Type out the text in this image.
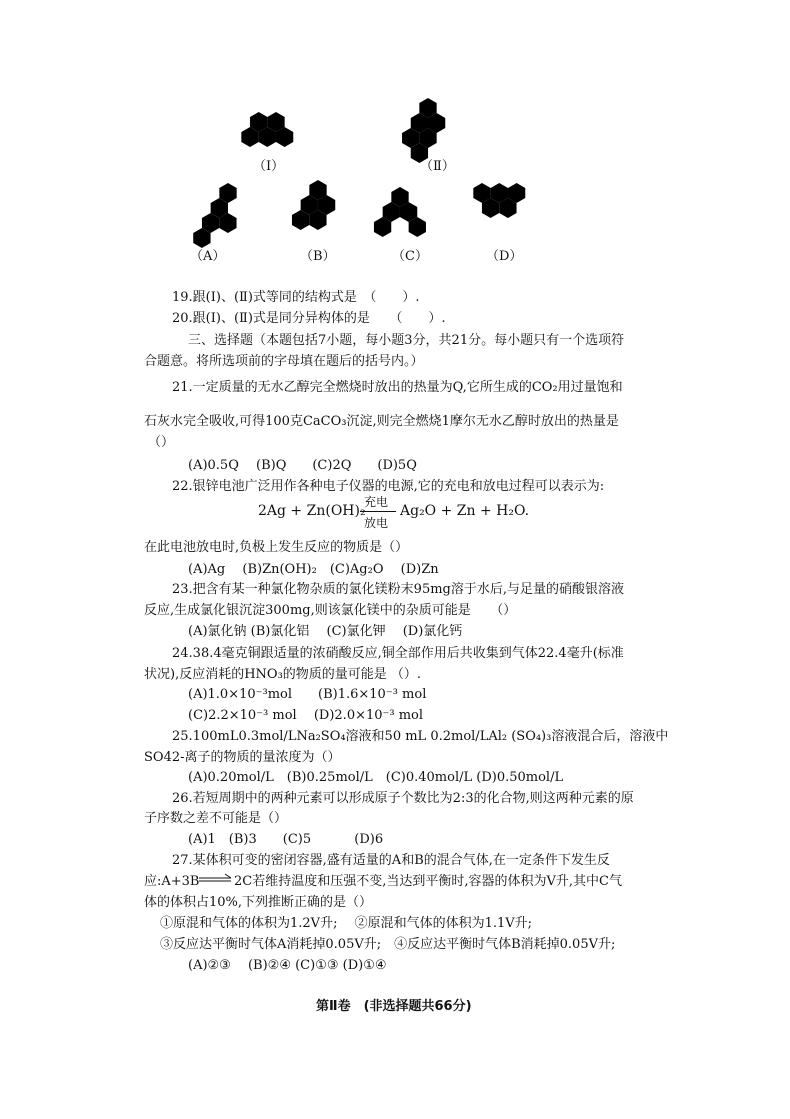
（Ⅰ）	（Ⅱ）
（A）	（B）	（C）	（D）
19.跟(Ⅰ)、(Ⅱ)式等同的结构式是　（　　）.
20.跟(Ⅰ)、(Ⅱ)式是同分异构体的是　　（　　）.
三、选择题（本题包括7小题，每小题3分，共21分。每小题只有一个选项符
合题意。将所选项前的字母填在题后的括号内。）
21.一定质量的无水乙醇完全燃烧时放出的热量为Q,它所生成的CO₂用过量饱和
石灰水完全吸收,可得100克CaCO₃沉淀,则完全燃烧1摩尔无水乙醇时放出的热量是
（）
(A)0.5Q　 (B)Q　　(C)2Q　　(D)5Q
22.银锌电池广泛用作各种电子仪器的电源,它的充电和放电过程可以表示为:
2Ag + Zn(OH)₂
充电
放电
Ag₂O + Zn + H₂O.
在此电池放电时,负极上发生反应的物质是（）
(A)Ag　 (B)Zn(OH)₂　(C)Ag₂O　 (D)Zn
23.把含有某一种氯化物杂质的氯化镁粉末95mg溶于水后,与足量的硝酸银溶液
反应,生成氯化银沉淀300mg,则该氯化镁中的杂质可能是　　（）
(A)氯化钠 (B)氯化铝　 (C)氯化钾　 (D)氯化钙
24.38.4毫克铜跟适量的浓硝酸反应,铜全部作用后共收集到气体22.4毫升(标准
状况),反应消耗的HNO₃的物质的量可能是 （）.
(A)1.0×10⁻³mol　　(B)1.6×10⁻³ mol
(C)2.2×10⁻³ mol　 (D)2.0×10⁻³ mol
25.100mL0.3mol/LNa₂SO₄溶液和50 mL 0.2mol/LAl₂ (SO₄)₃溶液混合后，溶液中
SO42-离子的物质的量浓度为（）
(A)0.20mol/L　(B)0.25mol/L　(C)0.40mol/L (D)0.50mol/L
26.若短周期中的两种元素可以形成原子个数比为2:3的化合物,则这两种元素的原
子序数之差不可能是（）
(A)1　(B)3　　(C)5　　　 (D)6
27.某体积可变的密闭容器,盛有适量的A和B的混合气体,在一定条件下发生反
应:A+3B	2C若维持温度和压强不变,当达到平衡时,容器的体积为V升,其中C气
体的体积占10%,下列推断正确的是（）
①原混和气体的体积为1.2V升;　 ②原混和气体的体积为1.1V升;
③反应达平衡时气体A消耗掉0.05V升;　④反应达平衡时气体B消耗掉0.05V升;
(A)②③　 (B)②④ (C)①③ (D)①④
第Ⅱ卷　(非选择题共66分)
